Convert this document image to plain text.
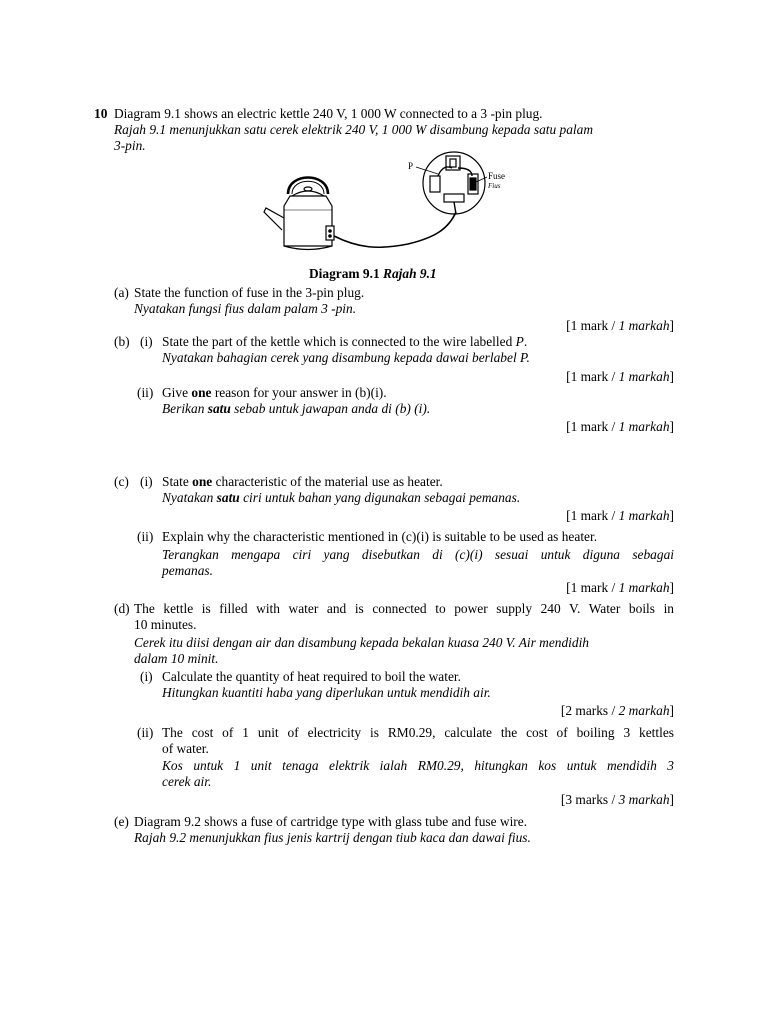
10 Diagram 9.1 shows an electric kettle 240 V, 1 000 W connected to a 3 -pin plug.
Rajah 9.1 menunjukkan satu cerek elektrik 240 V, 1 000 W disambung kepada satu palam
3-pin.
P
Fuse
Fius
Diagram 9.1 Rajah 9.1
(a) State the function of fuse in the 3-pin plug.
Nyatakan fungsi fius dalam palam 3 -pin.
[1 mark / 1 markah]
(b) (i) State the part of the kettle which is connected to the wire labelled P.
Nyatakan bahagian cerek yang disambung kepada dawai berlabel P.
[1 mark / 1 markah]
(ii) Give one reason for your answer in (b)(i).
Berikan satu sebab untuk jawapan anda di (b) (i).
[1 mark / 1 markah]
(c) (i) State one characteristic of the material use as heater.
Nyatakan satu ciri untuk bahan yang digunakan sebagai pemanas.
[1 mark / 1 markah]
(ii) Explain why the characteristic mentioned in (c)(i) is suitable to be used as heater.
Terangkan mengapa ciri yang disebutkan di (c)(i) sesuai untuk diguna sebagai
pemanas.
[1 mark / 1 markah]
(d) The kettle is filled with water and is connected to power supply 240 V. Water boils in
10 minutes.
Cerek itu diisi dengan air dan disambung kepada bekalan kuasa 240 V. Air mendidih
dalam 10 minit.
(i) Calculate the quantity of heat required to boil the water.
Hitungkan kuantiti haba yang diperlukan untuk mendidih air.
[2 marks / 2 markah]
(ii) The cost of 1 unit of electricity is RM0.29, calculate the cost of boiling 3 kettles
of water.
Kos untuk 1 unit tenaga elektrik ialah RM0.29, hitungkan kos untuk mendidih 3
cerek air.
[3 marks / 3 markah]
(e) Diagram 9.2 shows a fuse of cartridge type with glass tube and fuse wire.
Rajah 9.2 menunjukkan fius jenis kartrij dengan tiub kaca dan dawai fius.
